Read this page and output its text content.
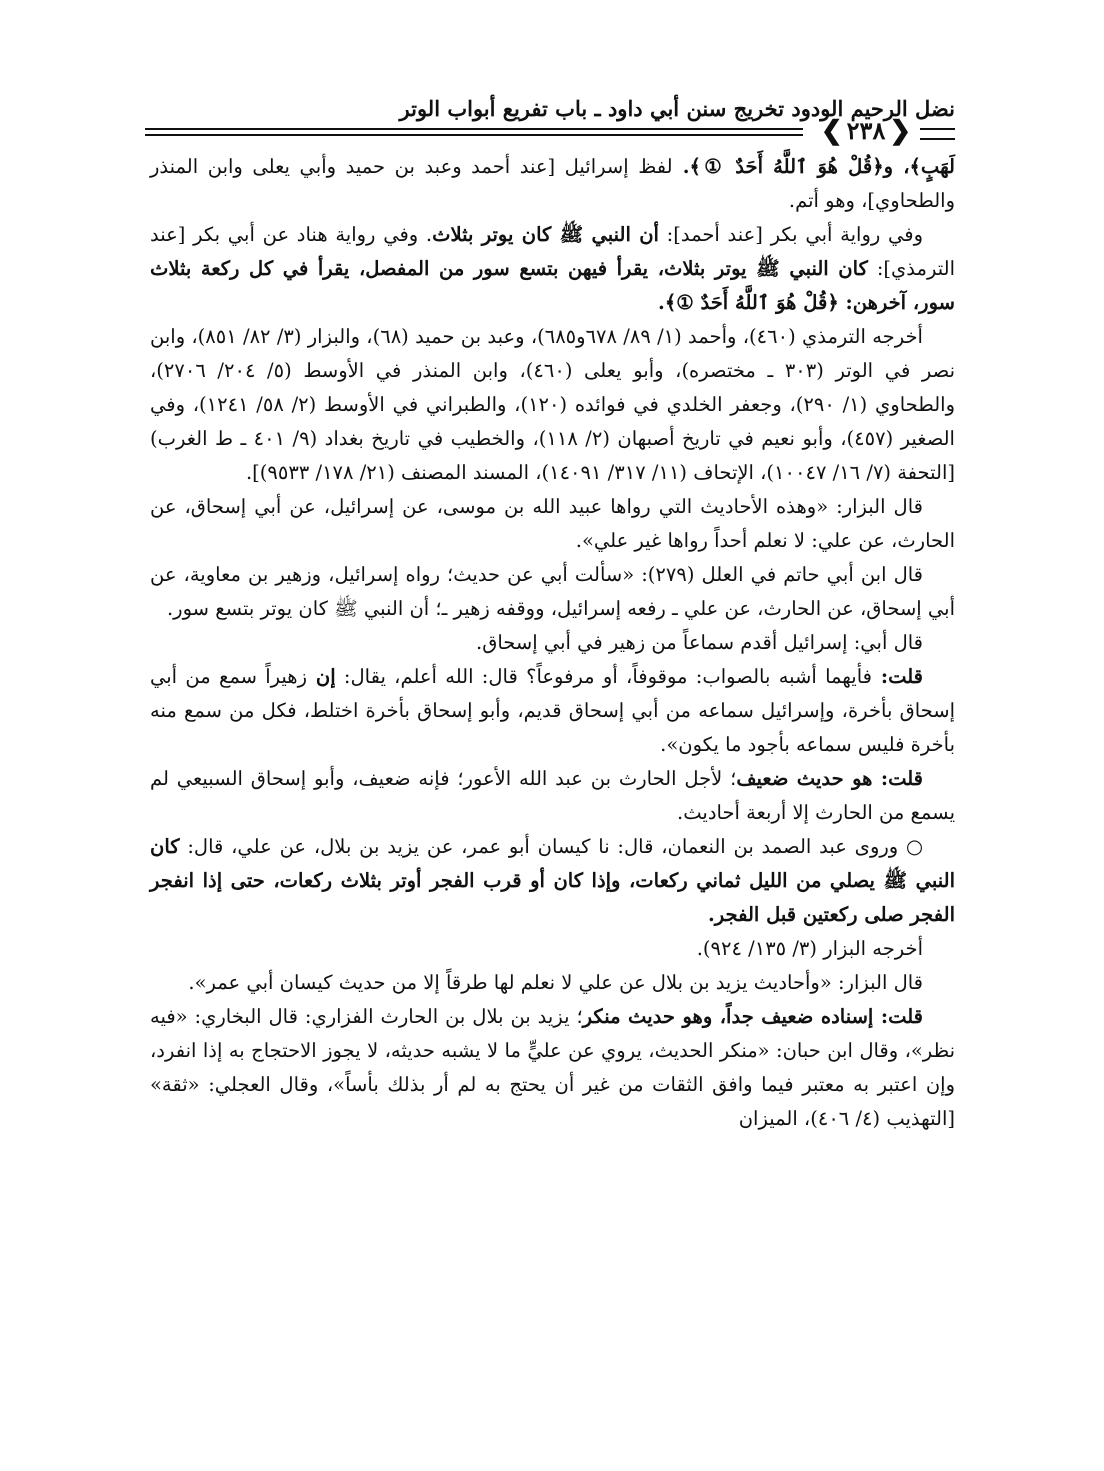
نضل الرحيم الودود تخريج سنن أبي داود ـ باب تفريع أبواب الوتر
❮ ٢٣٨ ❯

لَهَبٍ﴾، و﴿قُلْ هُوَ ٱللَّهُ أَحَدٌ ①﴾. لفظ إسرائيل [عند أحمد وعبد بن حميد وأبي يعلى وابن المنذر والطحاوي]، وهو أتم.

وفي رواية أبي بكر [عند أحمد]: أن النبي ﷺ كان يوتر بثلاث. وفي رواية هناد عن أبي بكر [عند الترمذي]: كان النبي ﷺ يوتر بثلاث، يقرأ فيهن بتسع سور من المفصل، يقرأ في كل ركعة بثلاث سور، آخرهن: ﴿قُلْ هُوَ ٱللَّهُ أَحَدٌ ①﴾.

أخرجه الترمذي (٤٦٠)، وأحمد (١/ ٨٩/ ٦٧٨و٦٨٥)، وعبد بن حميد (٦٨)، والبزار (٣/ ٨٢/ ٨٥١)، وابن نصر في الوتر (٣٠٣ ـ مختصره)، وأبو يعلى (٤٦٠)، وابن المنذر في الأوسط (٥/ ٢٠٤/ ٢٧٠٦)، والطحاوي (١/ ٢٩٠)، وجعفر الخلدي في فوائده (١٢٠)، والطبراني في الأوسط (٢/ ٥٨/ ١٢٤١)، وفي الصغير (٤٥٧)، وأبو نعيم في تاريخ أصبهان (٢/ ١١٨)، والخطيب في تاريخ بغداد (٩/ ٤٠١ ـ ط الغرب) [التحفة (٧/ ١٦/ ١٠٠٤٧)، الإتحاف (١١/ ٣١٧/ ١٤٠٩١)، المسند المصنف (٢١/ ١٧٨/ ٩٥٣٣)].

قال البزار: «وهذه الأحاديث التي رواها عبيد الله بن موسى، عن إسرائيل، عن أبي إسحاق، عن الحارث، عن علي: لا نعلم أحداً رواها غير علي».

قال ابن أبي حاتم في العلل (٢٧٩): «سألت أبي عن حديث؛ رواه إسرائيل، وزهير بن معاوية، عن أبي إسحاق، عن الحارث، عن علي ـ رفعه إسرائيل، ووقفه زهير ـ؛ أن النبي ﷺ كان يوتر بتسع سور.

قال أبي: إسرائيل أقدم سماعاً من زهير في أبي إسحاق.

قلت: فأيهما أشبه بالصواب: موقوفاً، أو مرفوعاً؟ قال: الله أعلم، يقال: إن زهيراً سمع من أبي إسحاق بأخرة، وإسرائيل سماعه من أبي إسحاق قديم، وأبو إسحاق بأخرة اختلط، فكل من سمع منه بأخرة فليس سماعه بأجود ما يكون».

قلت: هو حديث ضعيف؛ لأجل الحارث بن عبد الله الأعور؛ فإنه ضعيف، وأبو إسحاق السبيعي لم يسمع من الحارث إلا أربعة أحاديث.

○ وروى عبد الصمد بن النعمان، قال: نا كيسان أبو عمر، عن يزيد بن بلال، عن علي، قال: كان النبي ﷺ يصلي من الليل ثماني ركعات، وإذا كان أو قرب الفجر أوتر بثلاث ركعات، حتى إذا انفجر الفجر صلى ركعتين قبل الفجر.

أخرجه البزار (٣/ ١٣٥/ ٩٢٤).

قال البزار: «وأحاديث يزيد بن بلال عن علي لا نعلم لها طرقاً إلا من حديث كيسان أبي عمر».

قلت: إسناده ضعيف جداً، وهو حديث منكر؛ يزيد بن بلال بن الحارث الفزاري: قال البخاري: «فيه نظر»، وقال ابن حبان: «منكر الحديث، يروي عن عليٍّ ما لا يشبه حديثه، لا يجوز الاحتجاج به إذا انفرد، وإن اعتبر به معتبر فيما وافق الثقات من غير أن يحتج به لم أر بذلك بأساً»، وقال العجلي: «ثقة» [التهذيب (٤/ ٤٠٦)، الميزان
